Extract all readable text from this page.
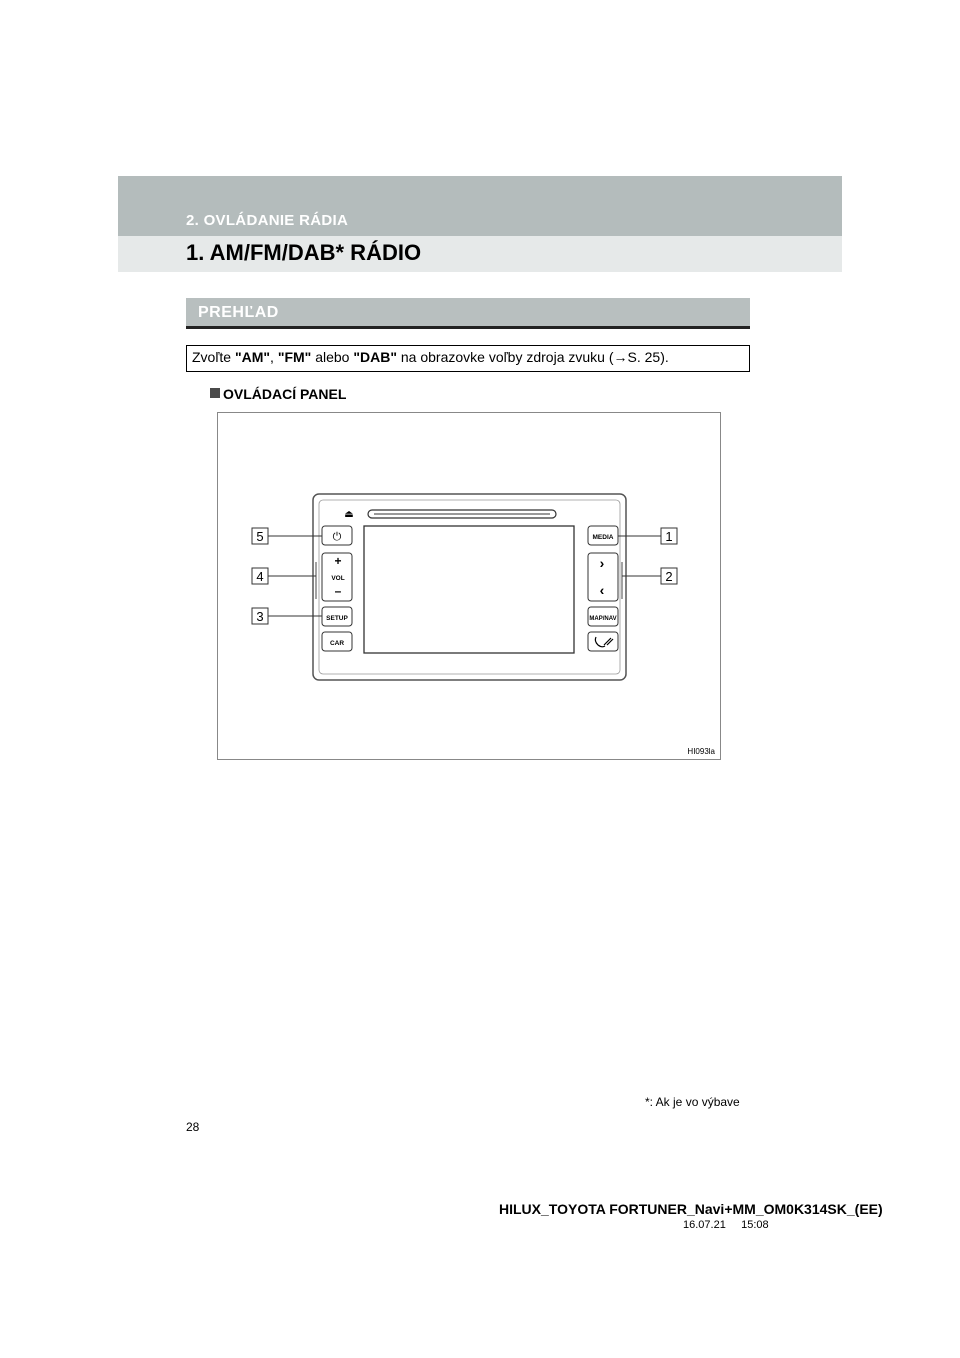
2. OVLÁDANIE RÁDIA
1. AM/FM/DAB* RÁDIO
PREHĽAD
Zvoľte "AM", "FM" alebo "DAB" na obrazovke voľby zdroja zvuku (→S. 25).
OVLÁDACÍ PANEL
⏏
⏻
+
VOL
–
SETUP
CAR
MEDIA
›
‹
MAP/NAV
1
2
3
4
5
HI093la
*: Ak je vo výbave
28
HILUX_TOYOTA FORTUNER_Navi+MM_OM0K314SK_(EE)
16.07.21     15:08
